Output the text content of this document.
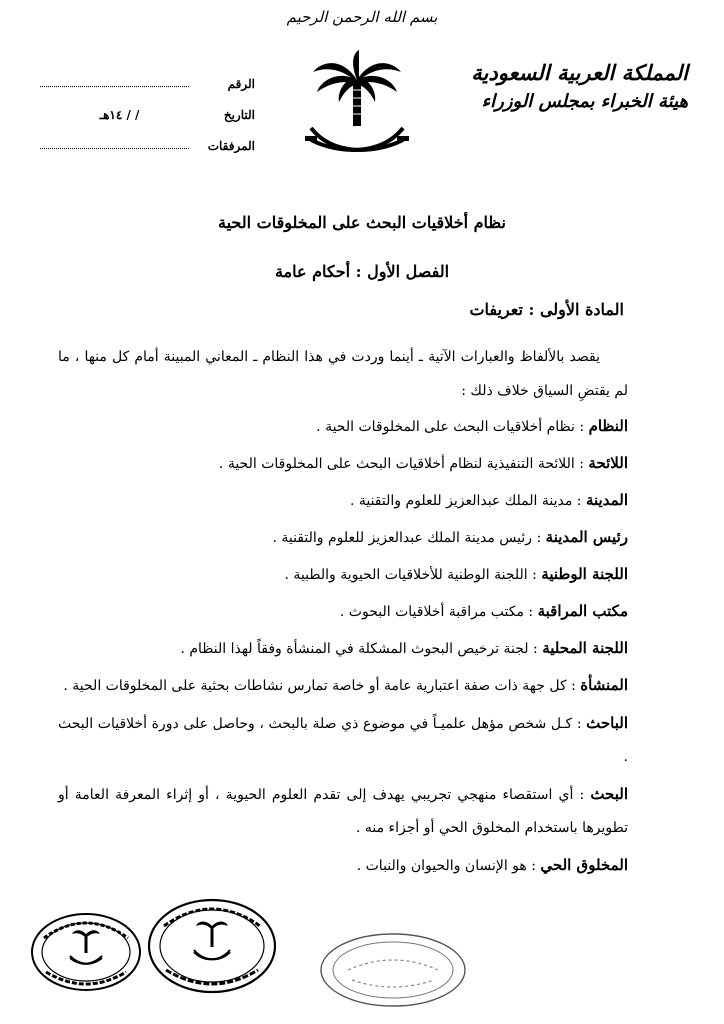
بسم الله الرحمن الرحيم
المملكة العربية السعودية
هيئة الخبراء بمجلس الوزراء
الرقم
التاريخ
/ / ١٤هـ
المرفقات
نظام أخلاقيات البحث على المخلوقات الحية
الفصل الأول : أحكام عامة
المادة الأولى : تعريفات
يقصد بالألفاظ والعبارات الآتية ـ أينما وردت في هذا النظام ـ المعاني المبينة أمام كل منها ، ما لم يقتضِ السياق خلاف ذلك :
النظام : نظام أخلاقيات البحث على المخلوقات الحية .
اللائحة : اللائحة التنفيذية لنظام أخلاقيات البحث على المخلوقات الحية .
المدينة : مدينة الملك عبدالعزيز للعلوم والتقنية .
رئيس المدينة : رئيس مدينة الملك عبدالعزيز للعلوم والتقنية .
اللجنة الوطنية : اللجنة الوطنية للأخلاقيات الحيوية والطبية .
مكتب المراقبة : مكتب مراقبة أخلاقيات البحوث .
اللجنة المحلية : لجنة ترخيص البحوث المشكلة في المنشأة وفقاً لهذا النظام .
المنشأة : كل جهة ذات صفة اعتبارية عامة أو خاصة تمارس نشاطات بحثية على المخلوقات الحية .
الباحث : كـل شخص مؤهل علميـاً في موضوع ذي صلة بالبحث ، وحاصل على دورة أخلاقيات البحث .
البحث : أي استقصاء منهجي تجريبي يهدف إلى تقدم العلوم الحيوية ، أو إثراء المعرفة العامة أو تطويرها باستخدام المخلوق الحي أو أجزاء منه .
المخلوق الحي : هو الإنسان والحيوان والنبات .
